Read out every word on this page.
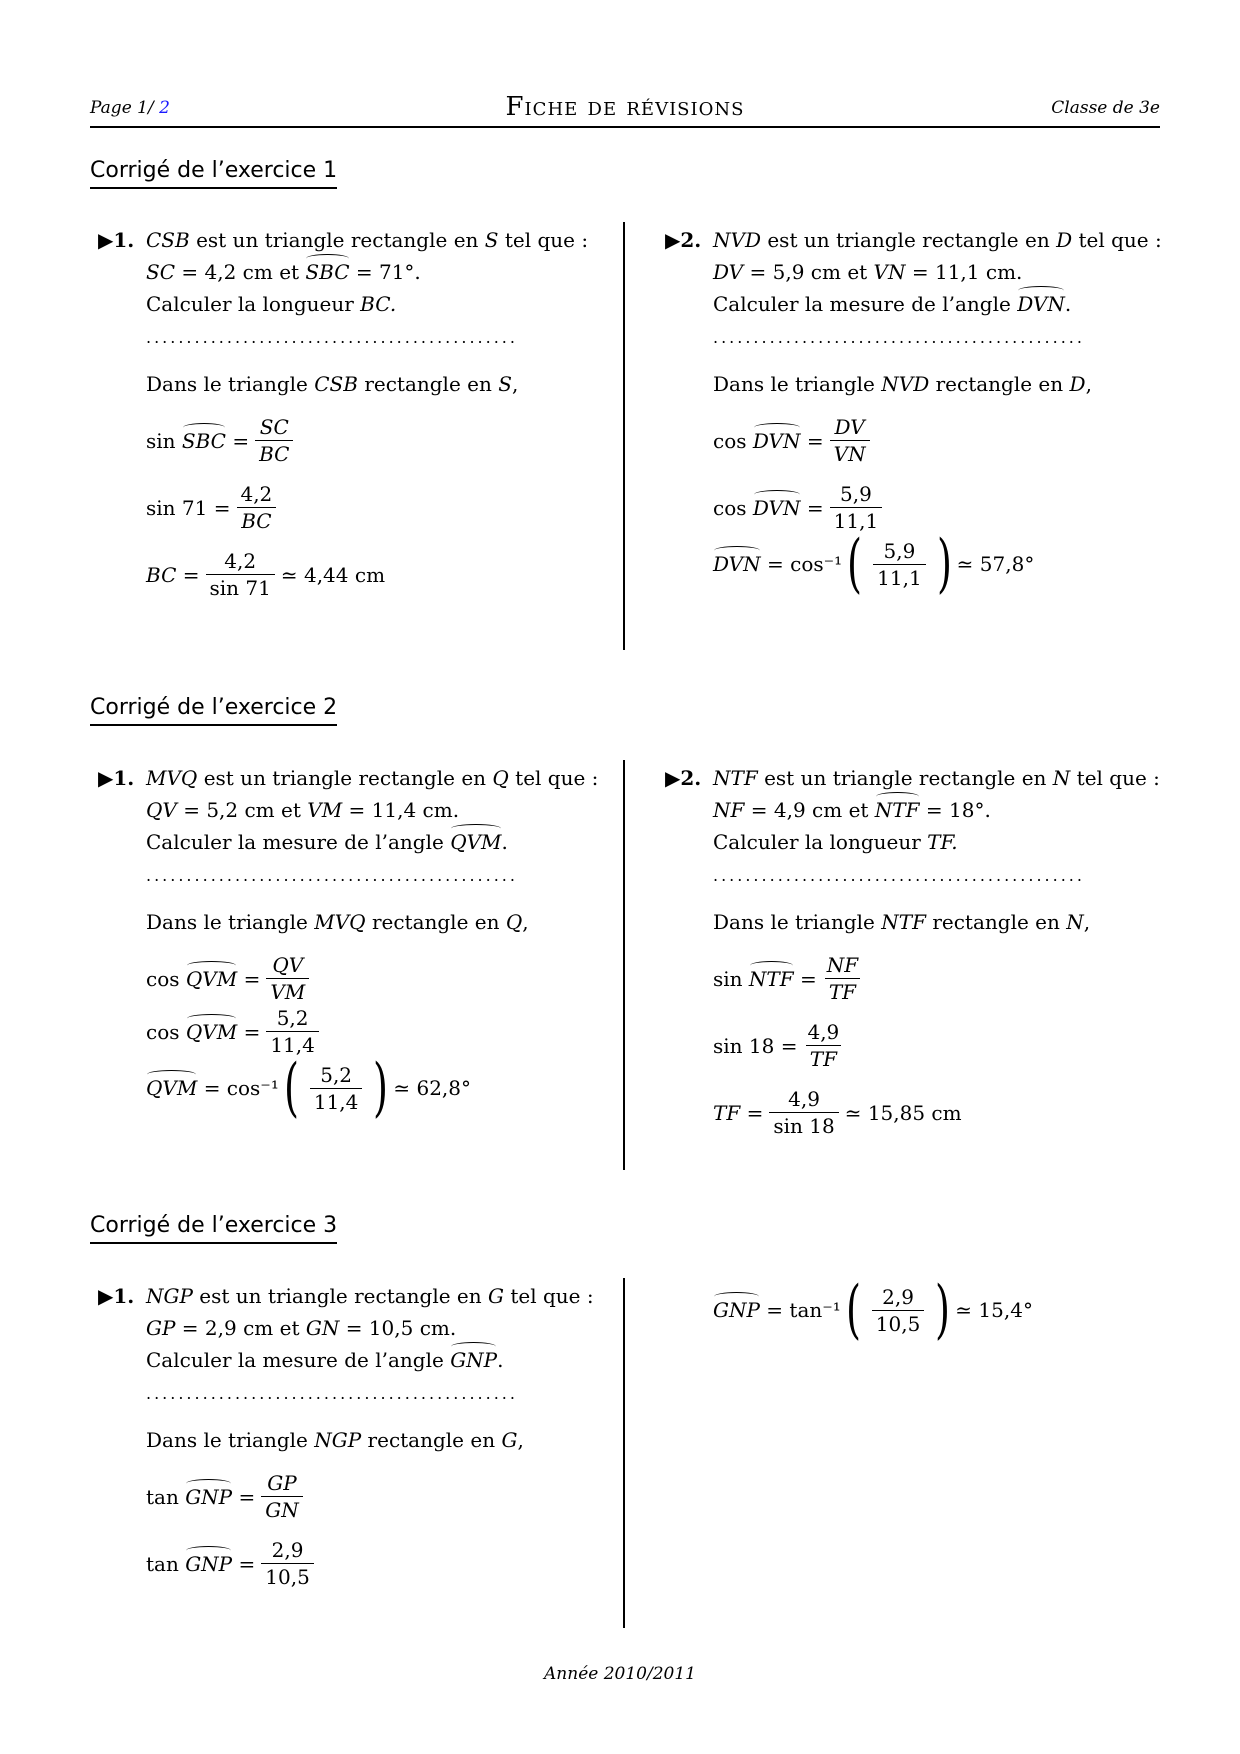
Page 1/ 2	Fiche de révisions	Classe de 3e
Corrigé de l’exercice 1
▶1. CSB est un triangle rectangle en S tel que :
SC = 4,2 cm et SBC = 71°.
Calculer la longueur BC.
..............................................
Dans le triangle CSB rectangle en S,
sin
SBC
= $\frac{SC}{BC}$
$\sin 71 = \frac{4,2}{BC}$
BC = $\frac{4,2}{\sin 71}$ ≃ 4,44 cm
▶2. NVD est un triangle rectangle en D tel que :
DV = 5,9 cm et VN = 11,1 cm.
Calculer la mesure de l’angle DVN.
..............................................
Dans le triangle NVD rectangle en D,
cos
DVN
= $\frac{DV}{VN}$
cos
DVN
= $\frac{5,9}{11,1}$
DVN
= cos⁻¹ ( $\frac{5,9}{11,1}$ ) ≃ 57,8°
Corrigé de l’exercice 2
▶1. MVQ est un triangle rectangle en Q tel que :
QV = 5,2 cm et VM = 11,4 cm.
Calculer la mesure de l’angle QVM.
..............................................
Dans le triangle MVQ rectangle en Q,
cos
QVM
= $\frac{QV}{VM}$
cos
QVM
= $\frac{5,2}{11,4}$
QVM
= cos⁻¹ ( $\frac{5,2}{11,4}$ ) ≃ 62,8°
▶2. NTF est un triangle rectangle en N tel que :
NF = 4,9 cm et NTF = 18°.
Calculer la longueur TF.
..............................................
Dans le triangle NTF rectangle en N,
sin
NTF
= $\frac{NF}{TF}$
$\sin 18 = \frac{4,9}{TF}$
TF = $\frac{4,9}{\sin 18}$ ≃ 15,85 cm
Corrigé de l’exercice 3
▶1. NGP est un triangle rectangle en G tel que :
GP = 2,9 cm et GN = 10,5 cm.
Calculer la mesure de l’angle GNP.
..............................................
Dans le triangle NGP rectangle en G,
tan
GNP
= $\frac{GP}{GN}$
tan
GNP
= $\frac{2,9}{10,5}$
GNP
= tan⁻¹ ( $\frac{2,9}{10,5}$ ) ≃ 15,4°
Année 2010/2011
